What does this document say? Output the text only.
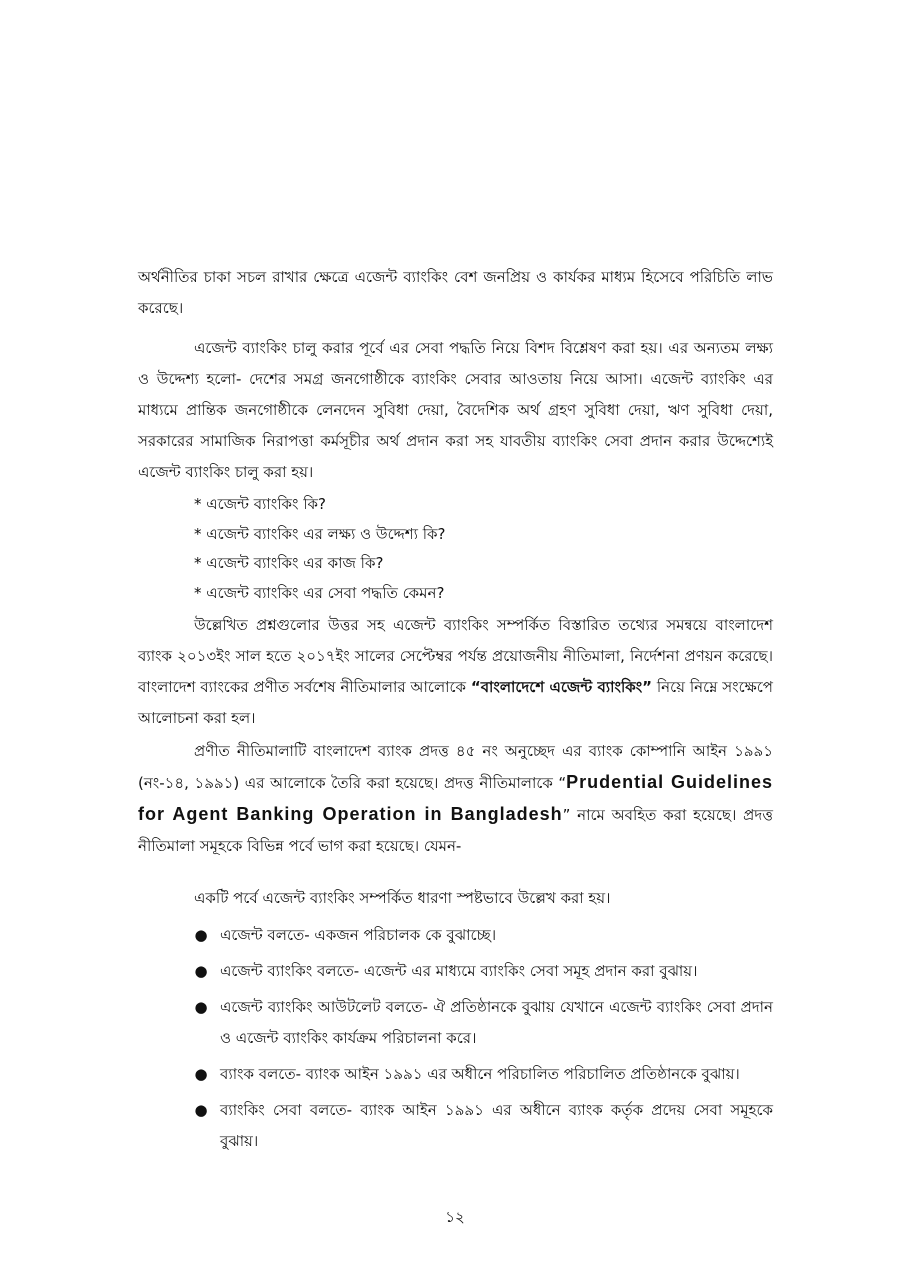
অর্থনীতির চাকা সচল রাখার ক্ষেত্রে এজেন্ট ব্যাংকিং বেশ জনপ্রিয় ও কার্যকর মাধ্যম হিসেবে পরিচিতি লাভ করেছে।

এজেন্ট ব্যাংকিং চালু করার পূর্বে এর সেবা পদ্ধতি নিয়ে বিশদ বিশ্লেষণ করা হয়। এর অন্যতম লক্ষ্য ও উদ্দেশ্য হলো- দেশের সমগ্র জনগোষ্ঠীকে ব্যাংকিং সেবার আওতায় নিয়ে আসা। এজেন্ট ব্যাংকিং এর মাধ্যমে প্রান্তিক জনগোষ্ঠীকে লেনদেন সুবিধা দেয়া, বৈদেশিক অর্থ গ্রহণ সুবিধা দেয়া, ঋণ সুবিধা দেয়া, সরকারের সামাজিক নিরাপত্তা কর্মসূচীর অর্থ প্রদান করা সহ যাবতীয় ব্যাংকিং সেবা প্রদান করার উদ্দেশ্যেই এজেন্ট ব্যাংকিং চালু করা হয়।

* এজেন্ট ব্যাংকিং কি?
* এজেন্ট ব্যাংকিং এর লক্ষ্য ও উদ্দেশ্য কি?
* এজেন্ট ব্যাংকিং এর কাজ কি?
* এজেন্ট ব্যাংকিং এর সেবা পদ্ধতি কেমন?

উল্লেখিত প্রশ্নগুলোর উত্তর সহ এজেন্ট ব্যাংকিং সম্পর্কিত বিস্তারিত তথ্যের সমন্বয়ে বাংলাদেশ ব্যাংক ২০১৩ইং সাল হতে ২০১৭ইং সালের সেপ্টেম্বর পর্যন্ত প্রয়োজনীয় নীতিমালা, নির্দেশনা প্রণয়ন করেছে। বাংলাদেশ ব্যাংকের প্রণীত সর্বশেষ নীতিমালার আলোকে “বাংলাদেশে এজেন্ট ব্যাংকিং” নিয়ে নিম্নে সংক্ষেপে আলোচনা করা হল।

প্রণীত নীতিমালাটি বাংলাদেশ ব্যাংক প্রদত্ত ৪৫ নং অনুচ্ছেদ এর ব্যাংক কোম্পানি আইন ১৯৯১ (নং-১৪, ১৯৯১) এর আলোকে তৈরি করা হয়েছে। প্রদত্ত নীতিমালাকে “Prudential Guidelines for Agent Banking Operation in Bangladesh” নামে অবহিত করা হয়েছে। প্রদত্ত নীতিমালা সমূহকে বিভিন্ন পর্বে ভাগ করা হয়েছে। যেমন-

একটি পর্বে এজেন্ট ব্যাংকিং সম্পর্কিত ধারণা স্পষ্টভাবে উল্লেখ করা হয়।

● এজেন্ট বলতে- একজন পরিচালক কে বুঝাচ্ছে।
● এজেন্ট ব্যাংকিং বলতে- এজেন্ট এর মাধ্যমে ব্যাংকিং সেবা সমূহ প্রদান করা বুঝায়।
● এজেন্ট ব্যাংকিং আউটলেট বলতে- ঐ প্রতিষ্ঠানকে বুঝায় যেখানে এজেন্ট ব্যাংকিং সেবা প্রদান ও এজেন্ট ব্যাংকিং কার্যক্রম পরিচালনা করে।
● ব্যাংক বলতে- ব্যাংক আইন ১৯৯১ এর অধীনে পরিচালিত পরিচালিত প্রতিষ্ঠানকে বুঝায়।
● ব্যাংকিং সেবা বলতে- ব্যাংক আইন ১৯৯১ এর অধীনে ব্যাংক কর্তৃক প্রদেয় সেবা সমূহকে বুঝায়।
১২
